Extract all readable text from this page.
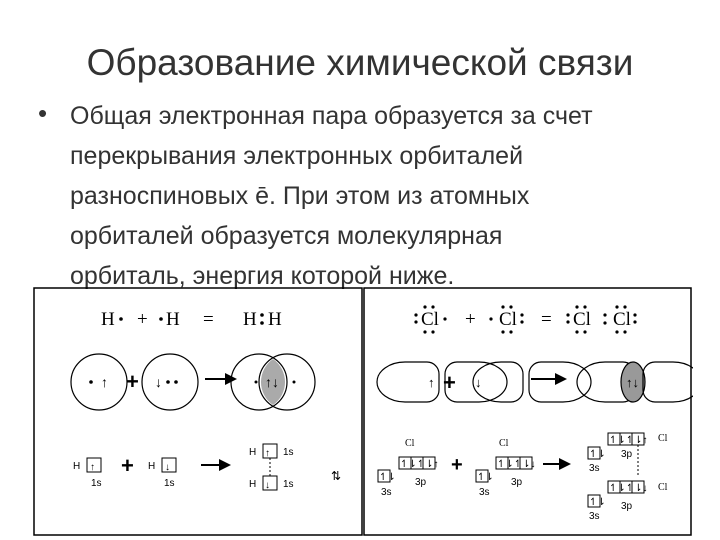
Образование химической связи
• Общая электронная пара образуется за счет
перекрывания электронных орбиталей
разноспиновых ē. При этом из атомных
орбиталей образуется молекулярная
орбиталь, энергия которой ниже.
H + H = H H
↑ + ↓	↑↓
H ↑
1s
+ H ↓
1s
H ↑ 1s
H ↓ 1s
⇅
Cl + Cl = Cl Cl
↑ + ↓	↑↓
Cl
↿⇂
3s
↿⇂↿⇂↑
3p
+
Cl
↿⇂
3s
↿⇂↿⇂↓
3p
↿⇂
3s
↿⇂↿⇂↑
3p
Cl
↿⇂
3s
↿⇂↿⇂↓
3p
Cl
